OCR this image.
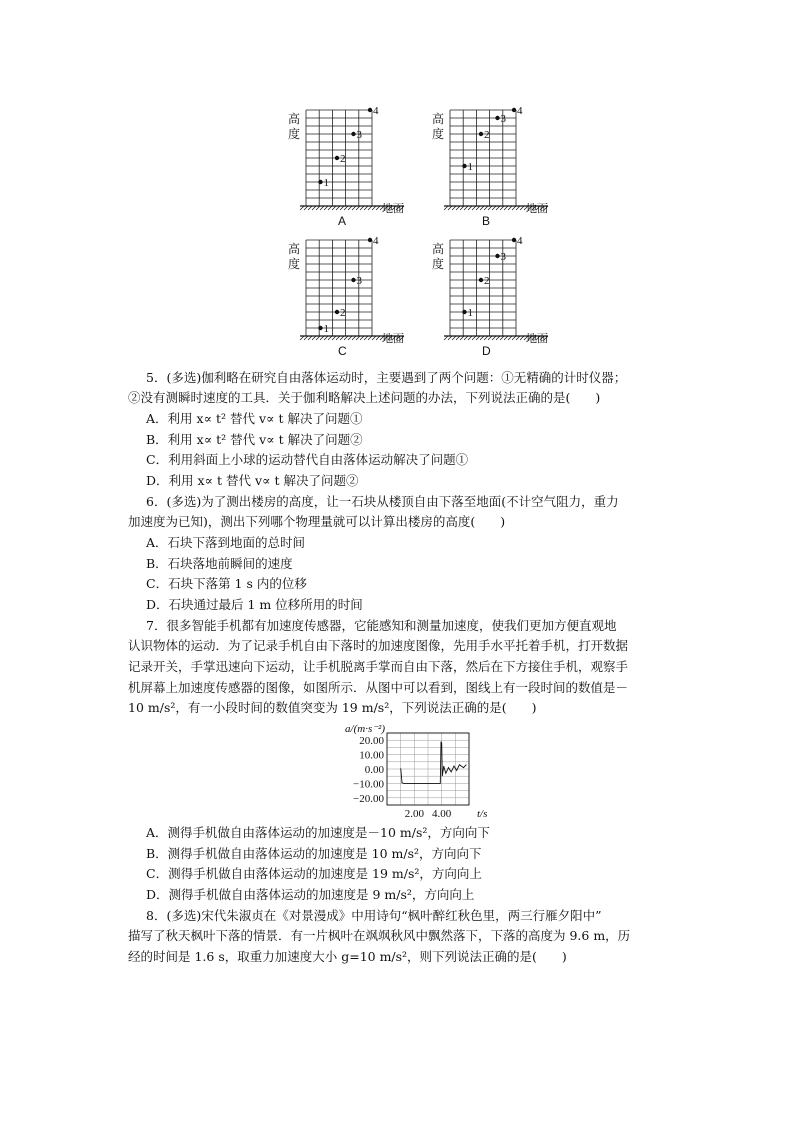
1
2
3
4
高度
地面
A
1
2
3
4
高度
地面
B
1
2
3
4
高度
地面
C
1
2
3
4
高度
地面
D
5．(多选)伽利略在研究自由落体运动时，主要遇到了两个问题：①无精确的计时仪器；
②没有测瞬时速度的工具．关于伽利略解决上述问题的办法，下列说法正确的是(　　)
A．利用 x∝ t² 替代 v∝ t 解决了问题①
B．利用 x∝ t² 替代 v∝ t 解决了问题②
C．利用斜面上小球的运动替代自由落体运动解决了问题①
D．利用 x∝ t 替代 v∝ t 解决了问题②
6．(多选)为了测出楼房的高度，让一石块从楼顶自由下落至地面(不计空气阻力，重力
加速度为已知)，测出下列哪个物理量就可以计算出楼房的高度(　　)
A．石块下落到地面的总时间
B．石块落地前瞬间的速度
C．石块下落第 1 s 内的位移
D．石块通过最后 1 m 位移所用的时间
7．很多智能手机都有加速度传感器，它能感知和测量加速度，使我们更加方便直观地
认识物体的运动．为了记录手机自由下落时的加速度图像，先用手水平托着手机，打开数据
记录开关，手掌迅速向下运动，让手机脱离手掌而自由下落，然后在下方接住手机，观察手
机屏幕上加速度传感器的图像，如图所示．从图中可以看到，图线上有一段时间的数值是－
10 m/s²，有一小段时间的数值突变为 19 m/s²，下列说法正确的是(　　)
20.00
10.00
0.00
−10.00
−20.00
2.00 4.00
a/(m·s⁻²)
t/s
A．测得手机做自由落体运动的加速度是－10 m/s²，方向向下
B．测得手机做自由落体运动的加速度是 10 m/s²，方向向下
C．测得手机做自由落体运动的加速度是 19 m/s²，方向向上
D．测得手机做自由落体运动的加速度是 9 m/s²，方向向上
8．(多选)宋代朱淑贞在《对景漫成》中用诗句“枫叶醉红秋色里，两三行雁夕阳中”
描写了秋天枫叶下落的情景．有一片枫叶在飒飒秋风中飘然落下，下落的高度为 9.6 m，历
经的时间是 1.6 s，取重力加速度大小 g=10 m/s²，则下列说法正确的是(　　)
